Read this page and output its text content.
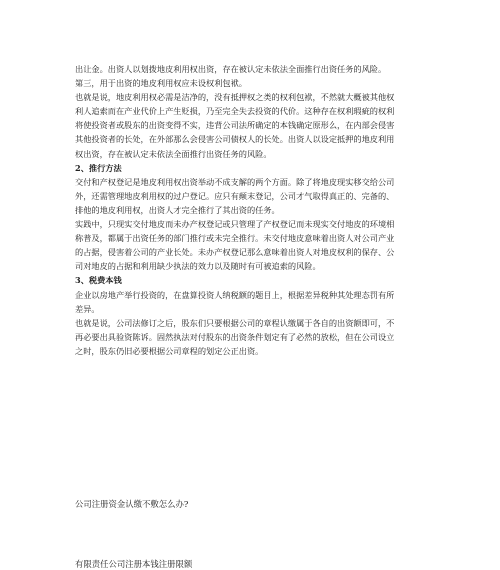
出让金。出资人以划拨地皮利用权出资，存在被认定未依法全面推行出资任务的风险。
第三，用于出资的地皮利用权应未设权利包袱。
也就是说，地皮利用权必需是洁净的，没有抵押权之类的权利包袱，不然就大概被其他权
利人追索而在产业代价上产生贬损，乃至完全失去投资的代价。这种存在权利瑕疵的权利
将使投资者或股东的出资变得不实，违背公司法所确定的本钱确定原形么，在内部会侵害
其他投资者的长处，在外部那么会侵害公司债权人的长处。出资人以设定抵押的地皮利用
权出资，存在被认定未依法全面推行出资任务的风险。
2、推行方法
交付和产权登记是地皮利用权出资举动不成支解的两个方面。除了将地皮现实移交给公司
外，还需管理地皮利用权的过户登记。应只有颠末登记，公司才气取得真正的、完备的、
排他的地皮利用权，出资人才完全推行了其出资的任务。
实践中，只现实交付地皮而未办产权登记或只管理了产权登记而未现实交付地皮的环境相
称普及，都属于出资任务的部门推行或未完全推行。未交付地皮意味着出资人对公司产业
的占据，侵害着公司的产业长处。未办产权登记那么意味着出资人对地皮权利的保存、公
司对地皮的占据和利用缺少执法的效力以及随时有可被追索的风险。
3、税费本钱
企业以房地产举行投资的，在盘算投资人纳税额的题目上，根据差异税种其处理态罚有所
差异。
也就是说，公司法修订之后，股东们只要根据公司的章程认缴属于各自的出资额即可，不
再必要出具验资陈诉。固然执法对付股东的出资条件划定有了必然的放松，但在公司设立
之时，股东仍旧必要根据公司章程的划定公正出资。
公司注册资金认缴不敷怎么办?
有限责任公司注册本钱注册限额
